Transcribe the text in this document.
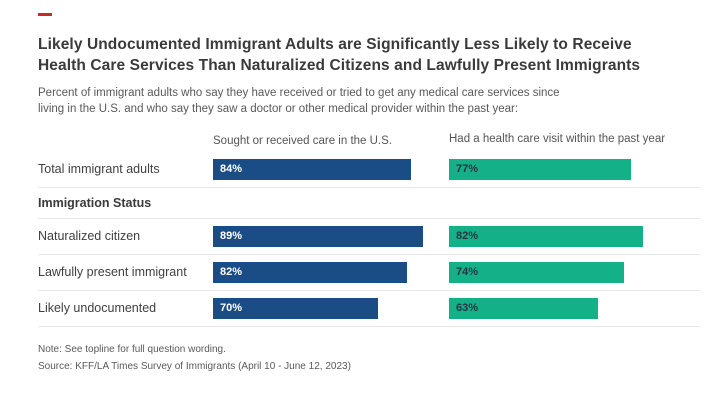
Likely Undocumented Immigrant Adults are Significantly Less Likely to Receive
Health Care Services Than Naturalized Citizens and Lawfully Present Immigrants

Percent of immigrant adults who say they have received or tried to get any medical care services since
living in the U.S. and who say they saw a doctor or other medical provider within the past year:

Sought or received care in the U.S.	Had a health care visit within the past year
Total immigrant adults	84%	77%
Immigration Status
Naturalized citizen	89%	82%
Lawfully present immigrant	82%	74%
Likely undocumented	70%	63%

Note: See topline for full question wording.

Source: KFF/LA Times Survey of Immigrants (April 10 - June 12, 2023)
